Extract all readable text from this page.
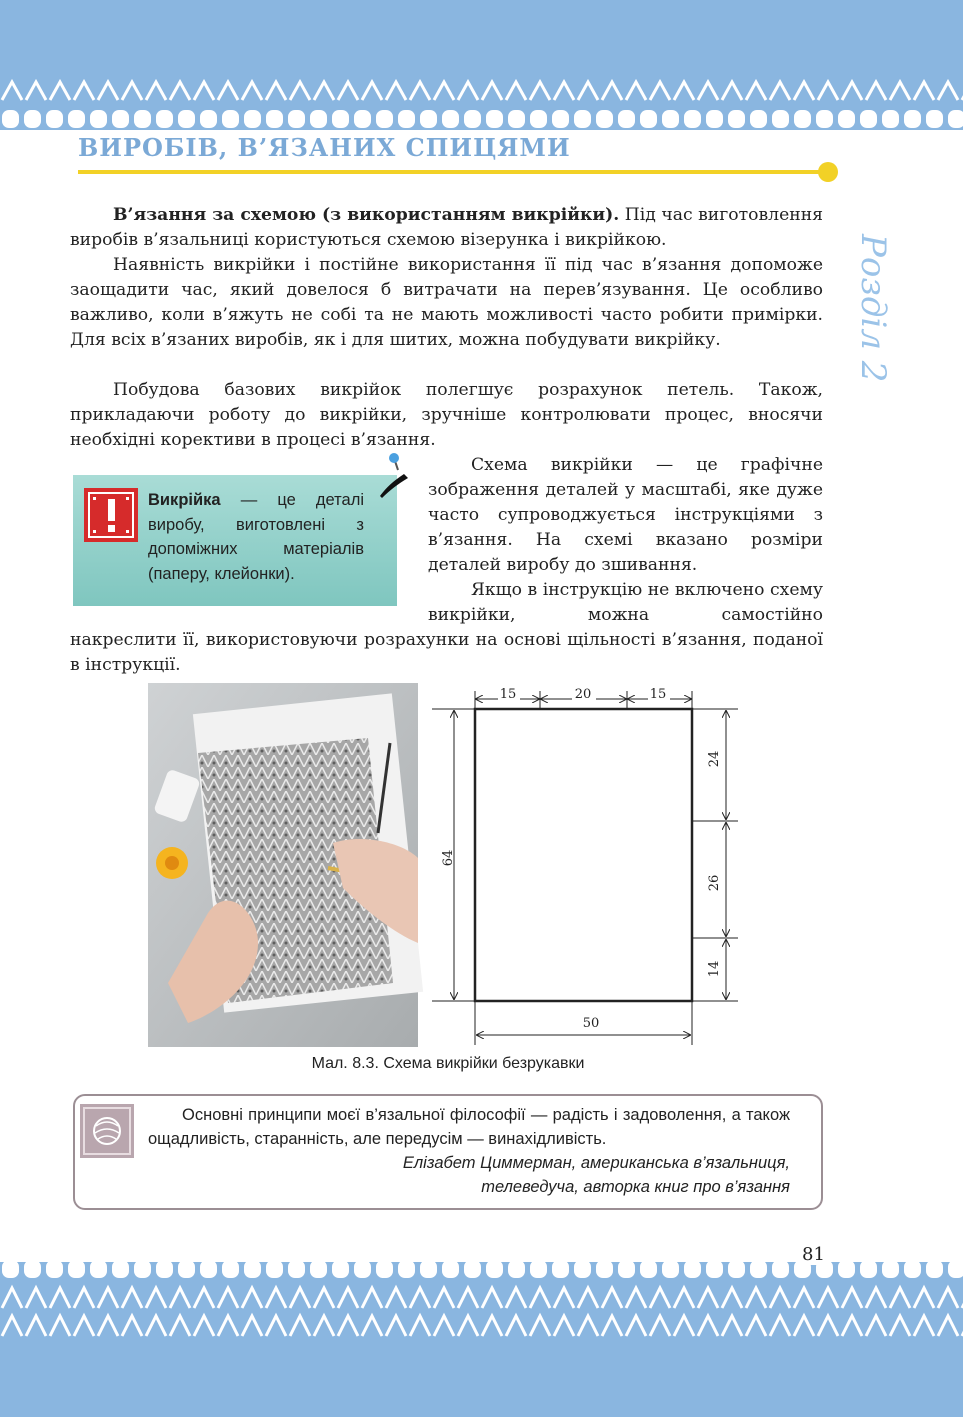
ВИРОБІВ, В’ЯЗАНИХ СПИЦЯМИ
Розділ 2

В’язання за схемою (з використанням викрійки). Під час виготовлення виробів в’язальниці користуються схемою візерунка і викрійкою.

Наявність викрійки і постійне використання її під час в’язання допоможе заощадити час, який довелося б витрачати на перев’язування. Це особливо важливо, коли в’яжуть не собі та не мають можливості часто робити примірки. Для всіх в’язаних виробів, як і для шитих, можна побудувати викрійку.

Побудова базових викрійок полегшує розрахунок петель. Також, прикладаючи роботу до викрійки, зручніше контролювати процес, вносячи необхідні корективи в процесі в’язання.

Схема викрійки — це графічне зображення деталей у масштабі, яке дуже часто супроводжується інструкціями з в’язання. На схемі вказано розміри деталей виробу до зшивання.

Якщо в інструкцію не включено схему викрійки, можна самостійно

накреслити її, використовуючи розрахунки на основі щільності в’язання, поданої в інструкції.

Викрійка — це деталі виробу, виготовлені з допоміжних матеріалів (паперу, клейонки).
15	20	15
64
24
26
14
50
Мал. 8.3. Схема викрійки безрукавки
Основні принципи моєї в’язальної філософії — радість і задоволення, а також ощадливість, старанність, але передусім — винахідливість.
Елізабет Циммерман, американська в’язальниця,
телеведуча, авторка книг про в’язання
81
